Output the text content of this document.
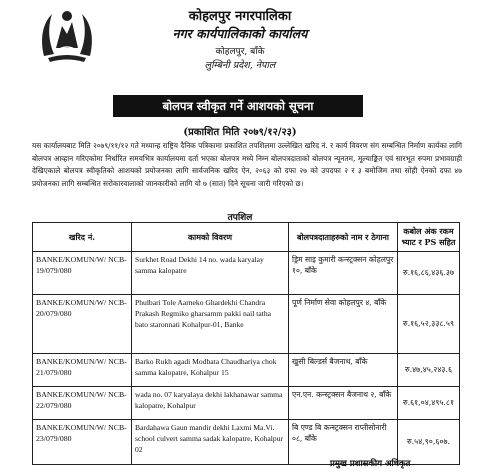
कोहलपुर नगरपालिका
नगर कार्यपालिकाको कार्यालय
कोहलपुर, बाँके
लुम्बिनी प्रदेश, नेपाल
बोलपत्र स्वीकृत गर्ने आशयको सूचना
(प्रकाशित मिति २०७९/१२/२३)
यस कार्यालयबाट मिति २०७९/११/१२ गते मध्यान्ह राष्ट्रिय दैनिक पत्रिकामा प्रकाशित तपशिलमा उल्लेखित खरिद नं. र कार्य विवरण संग सम्बन्धित निर्माण कार्यका लागि बोलपत्र आव्हान गरिएकोमा निर्धारित समयभित्र कार्यालयमा दर्ता भएका बोलपत्र मध्ये निम्न बोलपत्रदाताको बोलपत्र न्यूनतम, मूल्याङ्कित एवं सारभूत रुपमा प्रभावग्राही देखिएकाले बोलपत्र स्वीकृतिको आशयको प्रयोजनका लागि सार्वजनिक खरिद ऐन, २०६३ को दफा २७ को उपदफा २ र ३ बमोजिम तथा सोही ऐनको दफा ४७ प्रयोजनका लागि सम्बन्धित सरोकारवालाको जानकारीको लागि यो ७ (सात) दिने सूचना जारी गरिएको छ।
तपशिल
खरिद नं.	कामको विवरण	बोलपत्रदाताहरुको नाम र ठेगाना	कबोल अंक रकम भ्याट र PS सहित
BANKE/KOMUN/W/ NCB-19/079/080	Surkhet Road Dekhi 14 no. wada karyalay samma kalopatre	ड्रिम साइ कुमारी कन्स्ट्रक्सन कोहलपुर १०, बाँके	रु.१६,८६,४३६.३७
BANKE/KOMUN/W/ NCB-20/079/080	Phulbari Tole Aarneko Ghardekhi Chandra Prakash Regmiko gharsamm pakki nail tatha bato staronnati Kohalpur-01, Banke	पूर्ण निर्माण सेवा कोहलपुर ४, बाँके	रु.१६,५२,३३८.५९
BANKE/KOMUN/W/ NCB-21/079/080	Barko Rukh agadi Modbata Chaudhariya chok samma kalopatre, Kohalpur 15	खुसी बिल्डर्स बैजनाथ, बाँके	रु.४७,४५,२४३.६
BANKE/KOMUN/W/ NCB-22/079/080	wada no. 07 karyalaya dekhi lakhanawar samma kalopatre, Kohalpur	एन.एन. कन्स्ट्रक्सन बैजनाथ २, बाँके	रु.६१,०४,४९५.८१
BANKE/KOMUN/W/ NCB-23/079/080	Bardahawa Gaun mandir dekhi Laxmi Ma.Vi. school culvert samma sadak kalopatre, Kohalpur 02	बि एण्ड बि कन्स्ट्रक्सन राप्तीसोनारी ०८, बाँके	रु.५४,९०,६०७.
प्रमुख प्रशासकीय अधिकृत
